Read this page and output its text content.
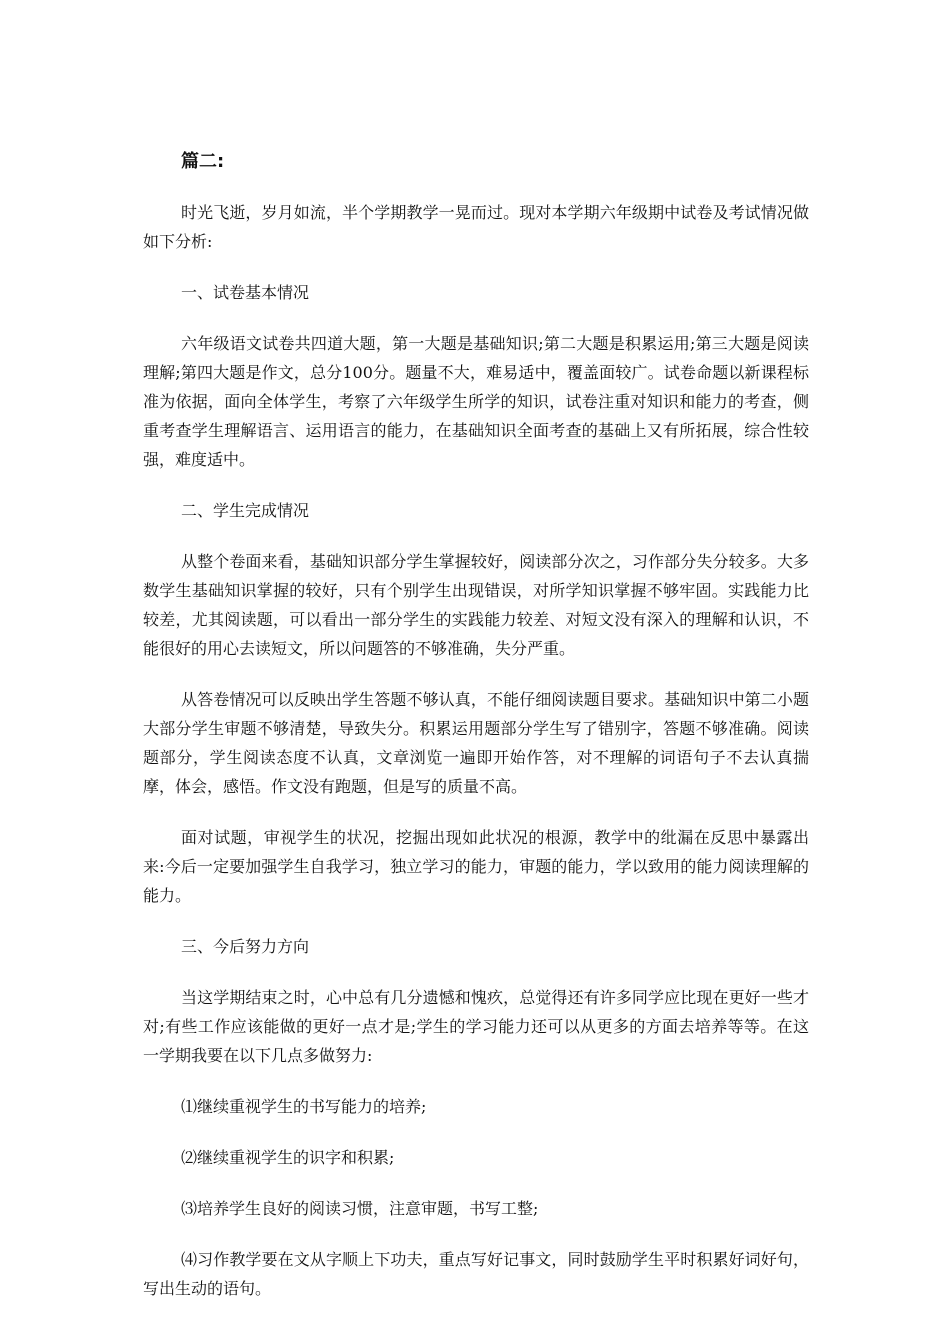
篇二:

时光飞逝，岁月如流，半个学期教学一晃而过。现对本学期六年级期中试卷及考试情况做如下分析:

一、试卷基本情况

六年级语文试卷共四道大题，第一大题是基础知识;第二大题是积累运用;第三大题是阅读理解;第四大题是作文，总分100分。题量不大，难易适中，覆盖面较广。试卷命题以新课程标准为依据，面向全体学生，考察了六年级学生所学的知识，试卷注重对知识和能力的考查，侧重考查学生理解语言、运用语言的能力，在基础知识全面考查的基础上又有所拓展，综合性较强，难度适中。

二、学生完成情况

从整个卷面来看，基础知识部分学生掌握较好，阅读部分次之，习作部分失分较多。大多数学生基础知识掌握的较好，只有个别学生出现错误，对所学知识掌握不够牢固。实践能力比较差，尤其阅读题，可以看出一部分学生的实践能力较差、对短文没有深入的理解和认识，不能很好的用心去读短文，所以问题答的不够准确，失分严重。

从答卷情况可以反映出学生答题不够认真，不能仔细阅读题目要求。基础知识中第二小题大部分学生审题不够清楚，导致失分。积累运用题部分学生写了错别字，答题不够准确。阅读题部分，学生阅读态度不认真，文章浏览一遍即开始作答，对不理解的词语句子不去认真揣摩，体会，感悟。作文没有跑题，但是写的质量不高。

面对试题，审视学生的状况，挖掘出现如此状况的根源，教学中的纰漏在反思中暴露出来:今后一定要加强学生自我学习，独立学习的能力，审题的能力，学以致用的能力阅读理解的能力。

三、今后努力方向

当这学期结束之时，心中总有几分遗憾和愧疚，总觉得还有许多同学应比现在更好一些才对;有些工作应该能做的更好一点才是;学生的学习能力还可以从更多的方面去培养等等。在这一学期我要在以下几点多做努力:

⑴继续重视学生的书写能力的培养;

⑵继续重视学生的识字和积累;

⑶培养学生良好的阅读习惯，注意审题，书写工整;

⑷习作教学要在文从字顺上下功夫，重点写好记事文，同时鼓励学生平时积累好词好句，写出生动的语句。
